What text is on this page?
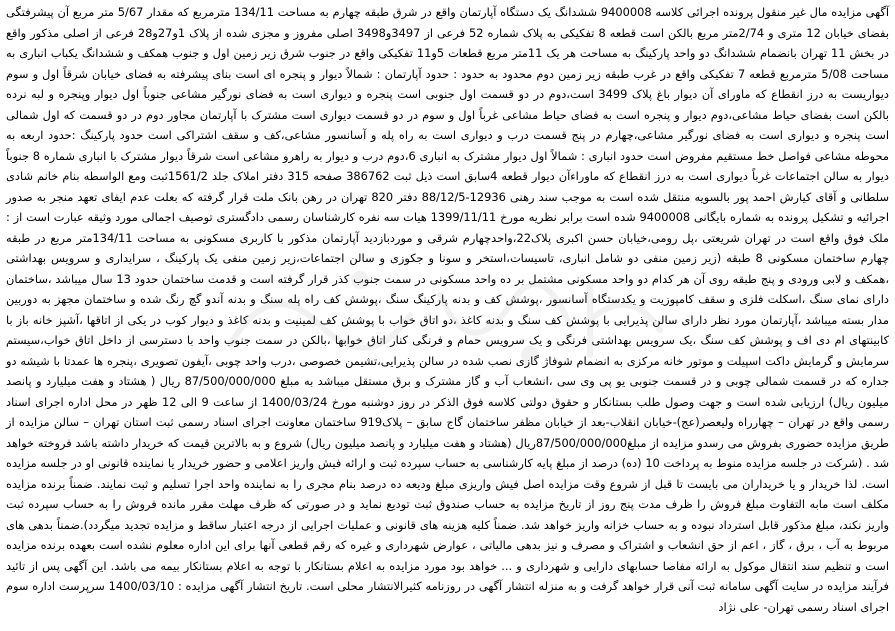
آگهی مزایده مال غیر منقول پرونده اجرائی کلاسه 9400008 ششدانگ یک دستگاه آپارتمان واقع در شرق طبقه چهارم به مساحت 134/11 مترمربع که مقدار 5/67 متر مربع آن پیشرفتگی بفضای خیابان 12 متری و 2/74متر مربع بالکن است قطعه 8 تفکیکی به پلاک شماره 52 فرعی از 3497و3498 اصلی مفروز و مجزی شده از پلاک 1و27و28 فرعی از اصلی مذکور واقع در بخش 11 تهران بانضمام ششدانگ دو واحد پارکینگ به مساحت هر یک 11متر مربع قطعات 5و11 تفکیکی واقع در جنوب شرق زیر زمین اول و جنوب همکف و ششدانگ یکباب انباری به مساحت 5/08 مترمربع قطعه 7 تفکیکی واقع در غرب طبقه زیر زمین دوم محدود به حدود : حدود آپارتمان : شمالاً دیوار و پنجره ای است بنای پیشرفته به فضای خیابان شرقاً اول و سوم دیواریست به درز انقطاع که ماورای آن دیوار باغ پلاک 3499 است،دوم در دو قسمت اول جنوبی است پنجره و دیواری است به فضای نورگیر مشاعی جنوباً اول دیوار وپنجره و لبه نرده بالکن است بفضای حیاط مشاعی،دوم دیوار و پنجره است به فضای حیاط مشاعی غرباً اول و سوم در دو قسمت دیواری است مشترک با آپارتمان مجاور دوم در دو قسمت که اول شمالی است پنجره و دیواری است به فضای نورگیر مشاعی،چهارم در پنج قسمت درب و دیواری است به راه پله و آسانسور مشاعی،کف و سقف اشتراکی است حدود پارکینگ :حدود اربعه به محوطه مشاعی فواصل خط مستقیم مفروض است حدود انباری : شمالاً اول دیوار مشترک به انباری 6،دوم درب و دیوار به راهرو مشاعی است شرقاً دیوار مشترک با انباری شماره 8 جنوباً دیوار به سالن اجتماعات غرباً دیواری است به درز انقطاع که ماوراءآن دیوار قطعه 4سابق است ذیل ثبت 386762 صفحه 315 دفتر املاک جلد 1561/2ثبت ومع الواسطه بنام خانم شادی سلطانی و آقای کیارش احمد پور بالسویه منتقل شده است به موجب سند رهنی 12936-88/12/5 دفتر 820 تهران در رهن بانک ملت قرار گرفته که بعلت عدم ایفای تعهد منجر به صدور اجرائیه و تشکیل پرونده به شماره بایگانی 9400008 شده است برابر نظریه مورخ 1399/11/11 هیات سه نفره کارشناسان رسمی دادگستری توصیف اجمالی مورد وثیقه عبارت است از : ملک فوق واقع است در تهران شریعتی ،پل رومی،خیابان حسن اکبری پلاک22،واحدچهارم شرقی و موردبازدید آپارتمان مذکور با کاربری مسکونی به مساحت 134/11متر مربع در طبقه چهارم ساختمان مسکونی 8 طبقه (زیر زمین منفی دو شامل انباری، تاسیسات،استخر و سونا و جکوزی و سالن اجتماعات،زیر زمین منفی یک پارکینگ ، سرایداری و سرویس بهداشتی ،همکف و لابی ورودی و پنج طبقه روی آن هر کدام دو واحد مسکونی مشتمل بر ده واحد مسکونی در سمت جنوب کذر قرار گرفته است و قدمت ساختمان حدود 13 سال میباشد ،ساختمان دارای نمای سنگ ،اسکلت فلزی و سقف کامپوزیت و یکدستگاه آسانسور ،پوشش کف و بدنه پارکینگ سنگ ،پوشش کف راه پله سنگ و بدنه آندو گچ رنگ شده و ساختمان مجهز به دوربین مدار بسته میباشد ،آپارتمان مورد نظر دارای سالن پذیرایی با پوشش کف سنگ و بدنه کاغذ ،دو اتاق خواب با پوشش کف لمینیت و بدنه کاغذ و دیوار کوب در یکی از اتاقها ،آشپز خانه باز با کابینتهای ام دی اف و پوشش کف سنگ ،یک سرویس بهداشتی فرنگی و یک سرویس حمام و فرنگی کنار اتاق خوابها ،بالکن در سمت جنوب واحد با دسترسی از داخل اتاق خواب،سیستم سرمایش و گرمایش داکت اسپیلت و موتور خانه مرکزی به انضمام شوفاژ گازی نصب شده در سالن پذیرایی،تشیمن خصوصی ،درب واحد چوبی ،آیفون تصویری ،پنجره ها عمدتا با شیشه دو جداره که در قسمت شمالی چوبی و در قسمت جنوبی یو پی وی سی ،انشعاب آب و گاز مشترک و برق مستقل میباشد به مبلغ 87/500/000/000 ریال ( هشتاد و هفت میلیارد و پانصد میلیون ریال) ارزیابی شده است و جهت وصول طلب بستانکار و حقوق دولتی کلاسه فوق الذکر در روز دوشنبه مورخ 1400/03/24 از ساعت 9 الی 12 ظهر در محل اداره اجرای اسناد رسمی واقع در تهران – چهارراه ولیعصر(عج)-خیابان انقلاب-بعد از خیابان مظفر ساختمان گاج سابق – پلاک919 ساختمان معاونت اجرای اسناد رسمی ثبت استان تهران – سالن مزایده از طریق مزایده حضوری بفروش می رسدو مزایده از مبلغ87/500/000/000ریال (هشتاد و هفت میلیارد و پانصد میلیون ریال) شروع و به بالاترین قیمت که خریدار داشته باشد فروخته خواهد شد . (شرکت در جلسه مزایده منوط به پرداخت 10 (ده) درصد از مبلغ پایه کارشناسی به حساب سپرده ثبت و ارائه فیش واریز اعلامی و حضور خریدار یا نماینده قانونی او در جلسه مزایده است. لذا خریدار و یا خریداران می بایست تا قبل از شروع وقت مزایده اصل فیش واریزی مبلغ ودیعه ده درصد بنام مجری را به نماینده واحد اجرا تسلیم و ثبت نمایند. ضمناً برنده مزایده مکلف است مابه التفاوت مبلغ فروش را ظرف مدت پنج روز از تاریخ مزایده به حساب صندوق ثبت تودیع نماید و در صورتی که ظرف مهلت مقرر مانده فروش را به حساب سپرده ثبت واریز نکند، مبلغ مذکور قابل استرداد نبوده و به حساب خزانه واریز خواهد شد. ضمناً کلیه هزینه های قانونی و عملیات اجرایی از درجه اعتبار ساقط و مزایده تجدید میگردد).ضمناً بدهی های مربوط به آب ، برق ، گاز ، اعم از حق انشعاب و اشتراک و مصرف و نیز بدهی مالیاتی ، عوارض شهرداری و غیره که رقم قطعی آنها برای این اداره معلوم نشده است بعهده برنده مزایده است و تنظیم سند انتقال موکول به ارائه مفاصا حسابهای دارایی و شهرداری و ... خواهد بود مورد مزایده به اعلام بستانکار با توجه به اعلام بستانکار بیمه می باشد. این آگهی پس از تائید فرآیند مزایده در سایت آگهی سامانه ثبت آنی قرار خواهد گرفت و به منزله انتشار آگهی در روزنامه کثیرالانتشار محلی است. تاریخ انتشار آگهی مزایده : 1400/03/10 سرپرست اداره سوم اجرای اسناد رسمی تهران- علی نژاد
